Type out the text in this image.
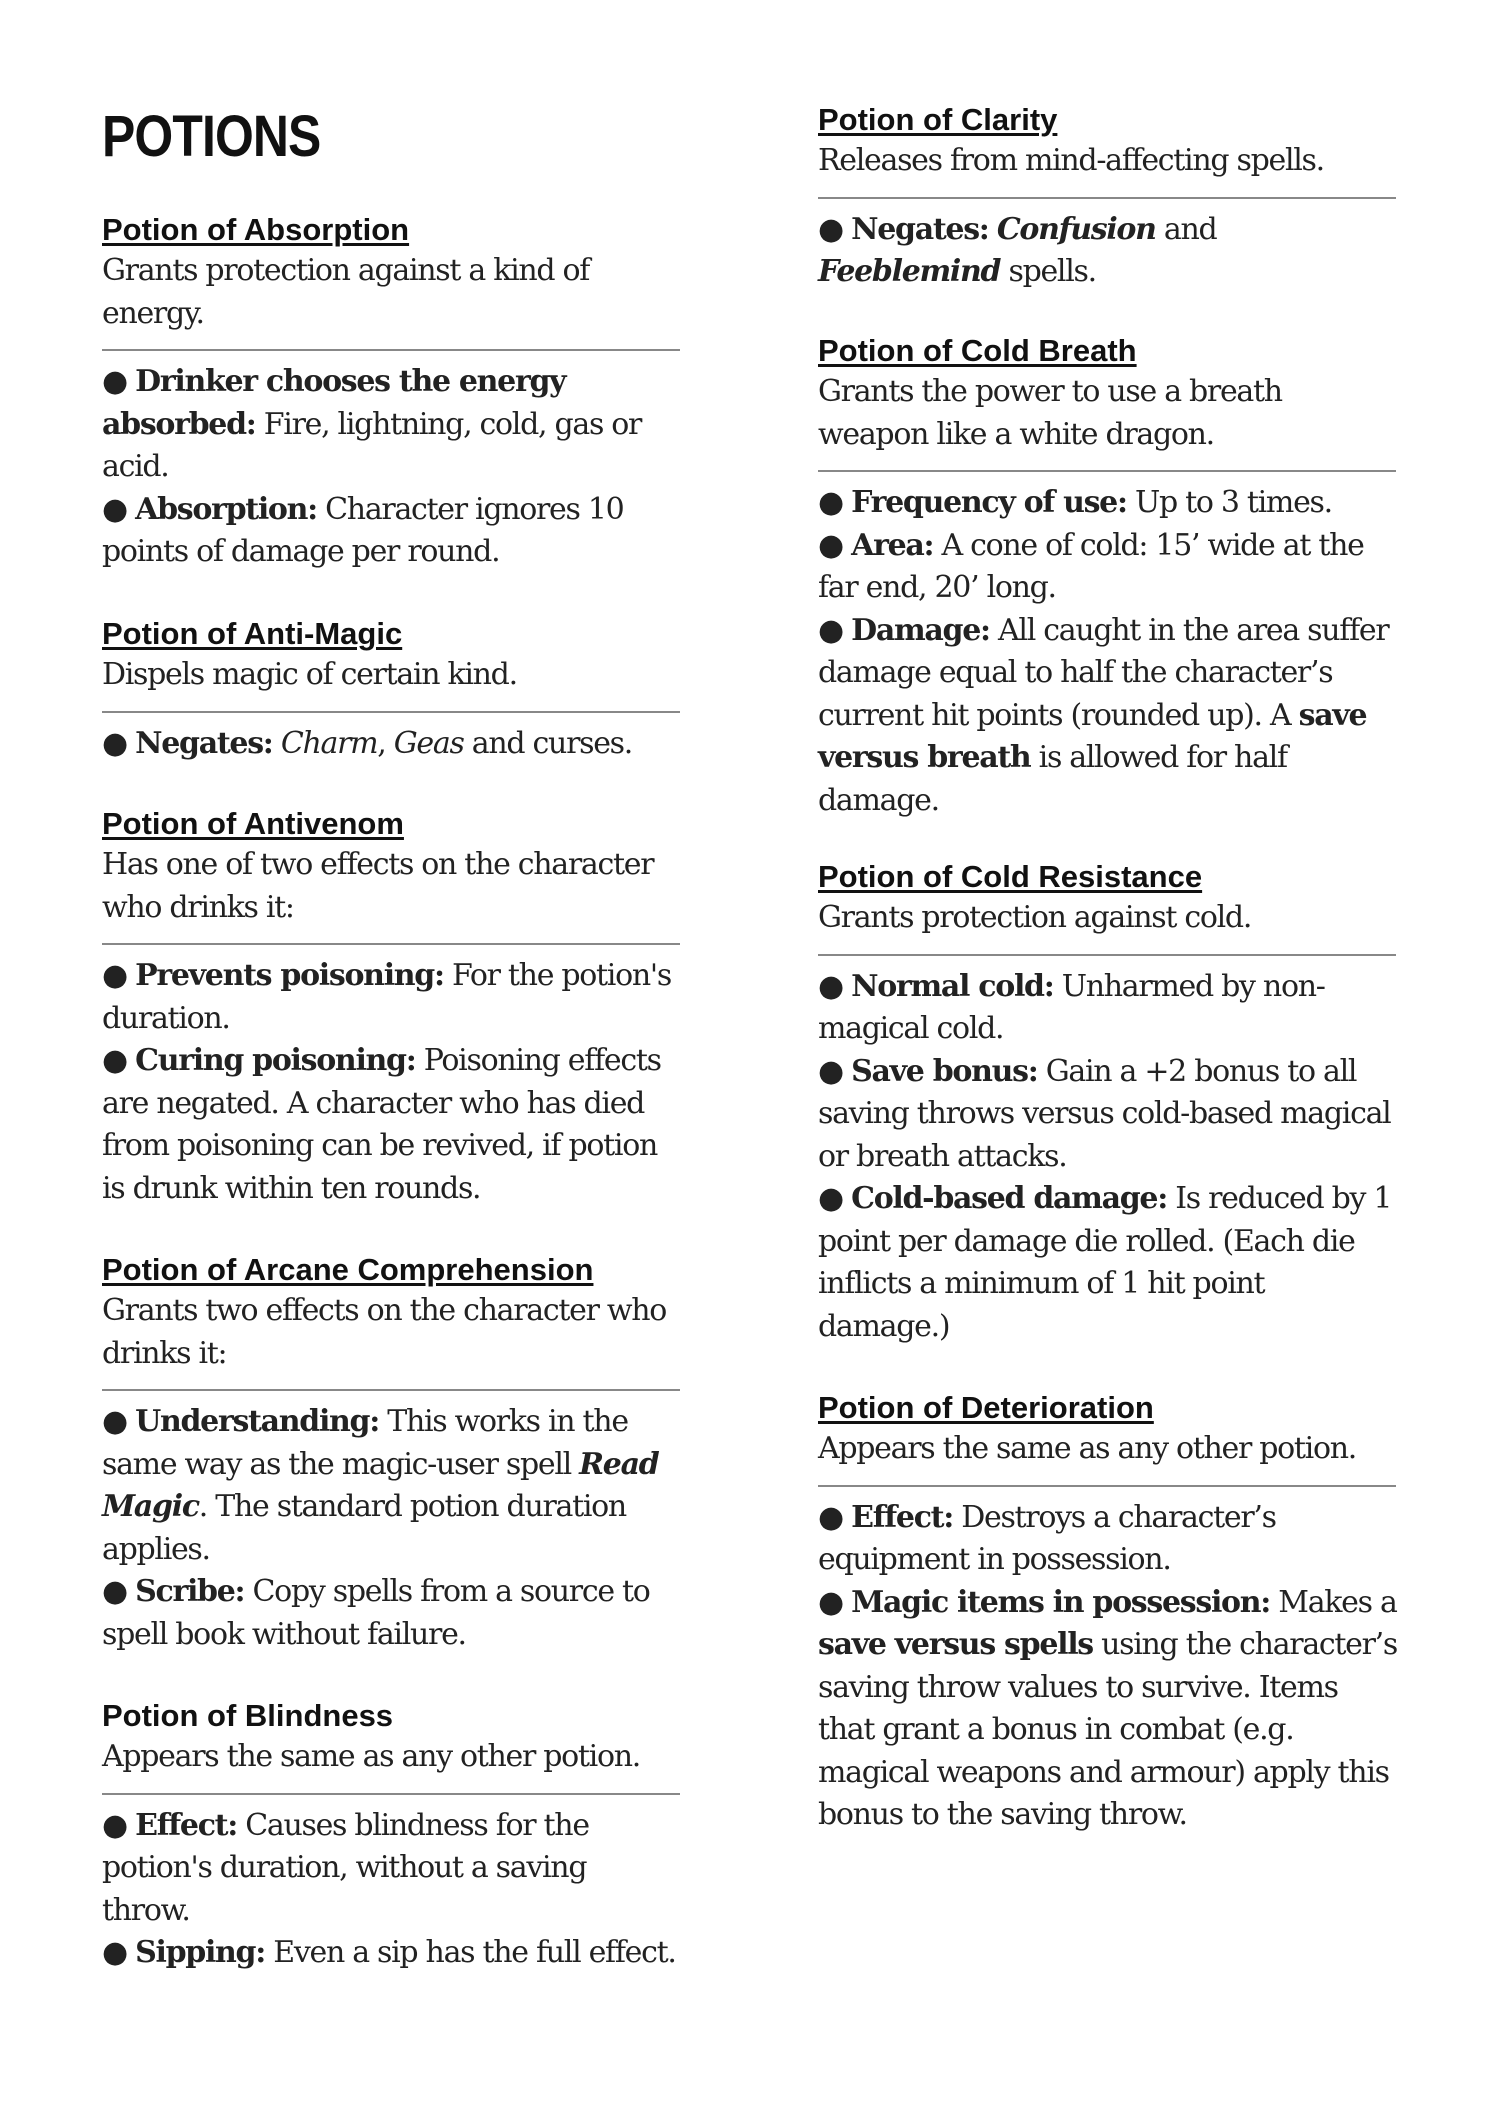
POTIONS
Potion of Absorption

Grants protection against a kind of energy.

● Drinker chooses the energy absorbed: Fire, lightning, cold, gas or acid.

● Absorption: Character ignores 10 points of damage per round.

Potion of Anti-Magic

Dispels magic of certain kind.

● Negates: Charm, Geas and curses.

Potion of Antivenom

Has one of two effects on the character who drinks it:

● Prevents poisoning: For the potion's duration.

● Curing poisoning: Poisoning effects are negated. A character who has died from poisoning can be revived, if potion is drunk within ten rounds.

Potion of Arcane Comprehension

Grants two effects on the character who drinks it:

● Understanding: This works in the same way as the magic-user spell Read Magic. The standard potion duration applies.

● Scribe: Copy spells from a source to spell book without failure.

Potion of Blindness

Appears the same as any other potion.

● Effect: Causes blindness for the potion's duration, without a saving throw.

● Sipping: Even a sip has the full effect.

Potion of Clarity

Releases from mind-affecting spells.

● Negates: Confusion and Feeblemind spells.

Potion of Cold Breath

Grants the power to use a breath weapon like a white dragon.

● Frequency of use: Up to 3 times.

● Area: A cone of cold: 15’ wide at the far end, 20’ long.

● Damage: All caught in the area suffer damage equal to half the character’s current hit points (rounded up). A save versus breath is allowed for half damage.

Potion of Cold Resistance

Grants protection against cold.

● Normal cold: Unharmed by non-magical cold.

● Save bonus: Gain a +2 bonus to all saving throws versus cold-based magical or breath attacks.

● Cold-based damage: Is reduced by 1 point per damage die rolled. (Each die inflicts a minimum of 1 hit point damage.)

Potion of Deterioration

Appears the same as any other potion.

● Effect: Destroys a character’s equipment in possession.

● Magic items in possession: Makes a save versus spells using the character’s saving throw values to survive. Items that grant a bonus in combat (e.g. magical weapons and armour) apply this bonus to the saving throw.
